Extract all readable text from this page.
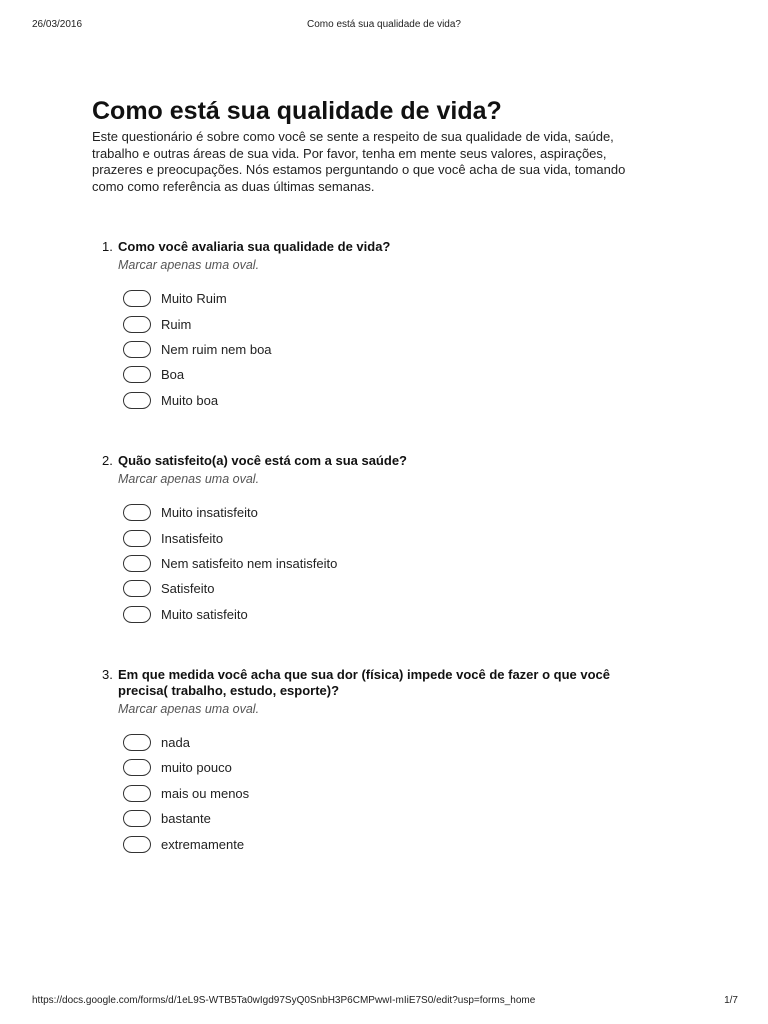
26/03/2016	Como está sua qualidade de vida?
Como está sua qualidade de vida?

Este questionário é sobre como você se sente a respeito de sua qualidade de vida, saúde, trabalho e outras áreas de sua vida. Por favor, tenha em mente seus valores, aspirações, prazeres e preocupações. Nós estamos perguntando o que você acha de sua vida, tomando como como referência as duas últimas semanas.

1. Como você avaliaria sua qualidade de vida?
Marcar apenas uma oval.
Muito Ruim
Ruim
Nem ruim nem boa
Boa
Muito boa
2. Quão satisfeito(a) você está com a sua saúde?
Marcar apenas uma oval.
Muito insatisfeito
Insatisfeito
Nem satisfeito nem insatisfeito
Satisfeito
Muito satisfeito
3. Em que medida você acha que sua dor (física) impede você de fazer o que você precisa( trabalho, estudo, esporte)?
Marcar apenas uma oval.
nada
muito pouco
mais ou menos
bastante
extremamente
https://docs.google.com/forms/d/1eL9S-WTB5Ta0wIgd97SyQ0SnbH3P6CMPwwI-mIiE7S0/edit?usp=forms_home	1/7
